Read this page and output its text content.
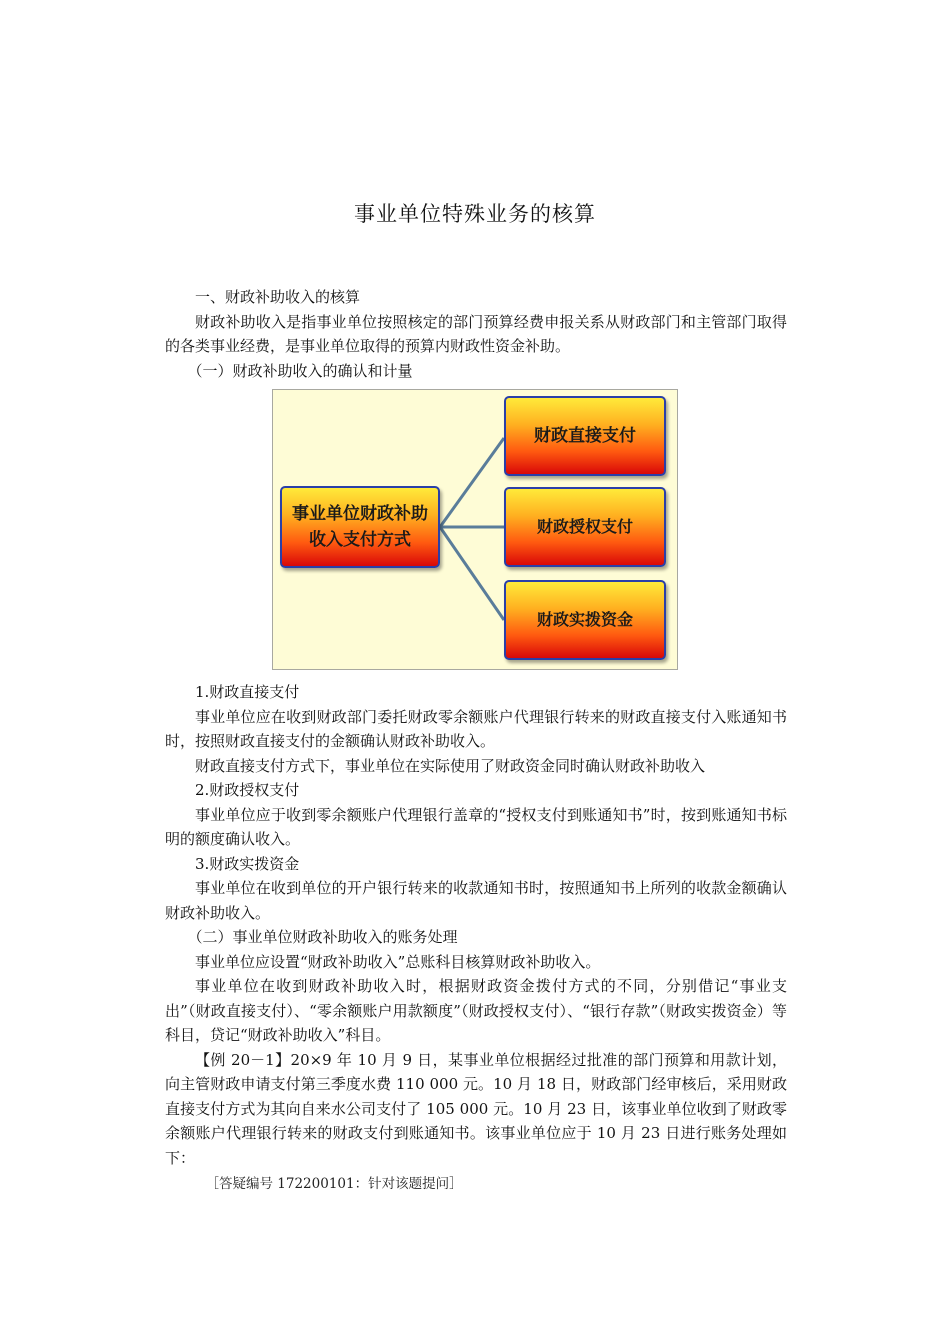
事业单位特殊业务的核算

一、财政补助收入的核算

财政补助收入是指事业单位按照核定的部门预算经费申报关系从财政部门和主管部门取得的各类事业经费，是事业单位取得的预算内财政性资金补助。

（一）财政补助收入的确认和计量

事业单位财政补助收入支付方式
财政直接支付
财政授权支付
财政实拨资金

1.财政直接支付

事业单位应在收到财政部门委托财政零余额账户代理银行转来的财政直接支付入账通知书时，按照财政直接支付的金额确认财政补助收入。

财政直接支付方式下，事业单位在实际使用了财政资金同时确认财政补助收入

2.财政授权支付

事业单位应于收到零余额账户代理银行盖章的“授权支付到账通知书”时，按到账通知书标明的额度确认收入。

3.财政实拨资金

事业单位在收到单位的开户银行转来的收款通知书时，按照通知书上所列的收款金额确认财政补助收入。

（二）事业单位财政补助收入的账务处理

事业单位应设置“财政补助收入”总账科目核算财政补助收入。

事业单位在收到财政补助收入时，根据财政资金拨付方式的不同，分别借记“事业支出”（财政直接支付）、“零余额账户用款额度”（财政授权支付）、“银行存款”（财政实拨资金）等科目，贷记“财政补助收入”科目。

【例 20－1】20×9 年 10 月 9 日，某事业单位根据经过批准的部门预算和用款计划，向主管财政申请支付第三季度水费 110 000 元。10 月 18 日，财政部门经审核后，采用财政直接支付方式为其向自来水公司支付了 105 000 元。10 月 23 日，该事业单位收到了财政零余额账户代理银行转来的财政支付到账通知书。该事业单位应于 10 月 23 日进行账务处理如下：

［答疑编号 172200101：针对该题提问］
